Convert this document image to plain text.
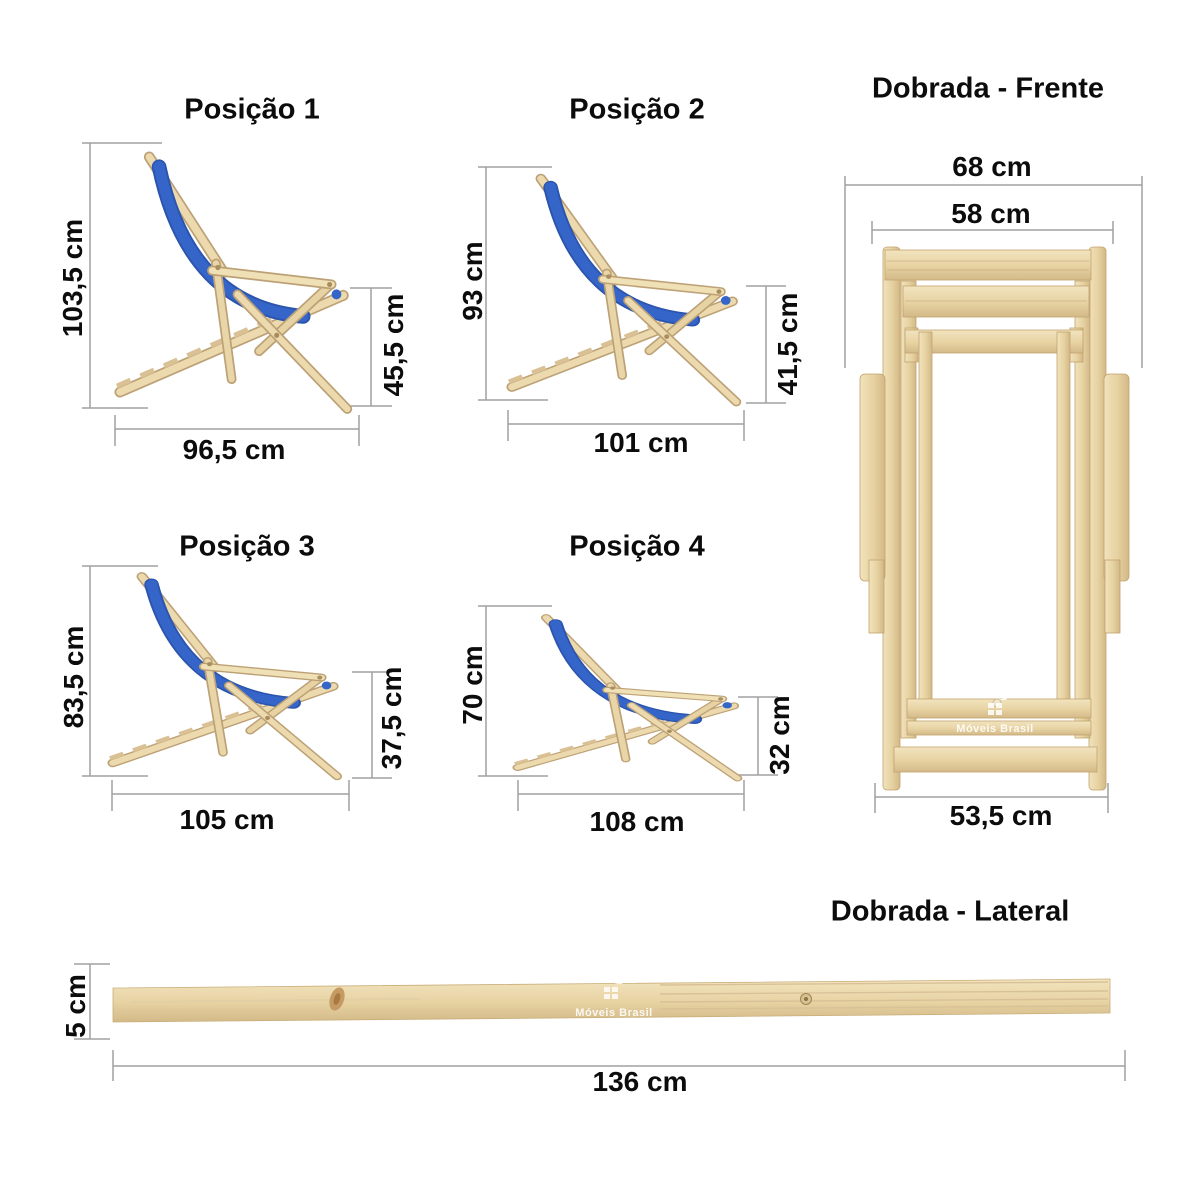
Móveis Brasil
Móveis Brasil
Posição 1
103,5 cm
45,5 cm
96,5 cm
Posição 2
93 cm
41,5 cm
101 cm
Posição 3
83,5 cm	37,5 cm
105 cm
Posição 4
70 cm
32 cm
108 cm
Dobrada - Frente
68 cm
58 cm
53,5 cm
Dobrada - Lateral
5 cm
136 cm
